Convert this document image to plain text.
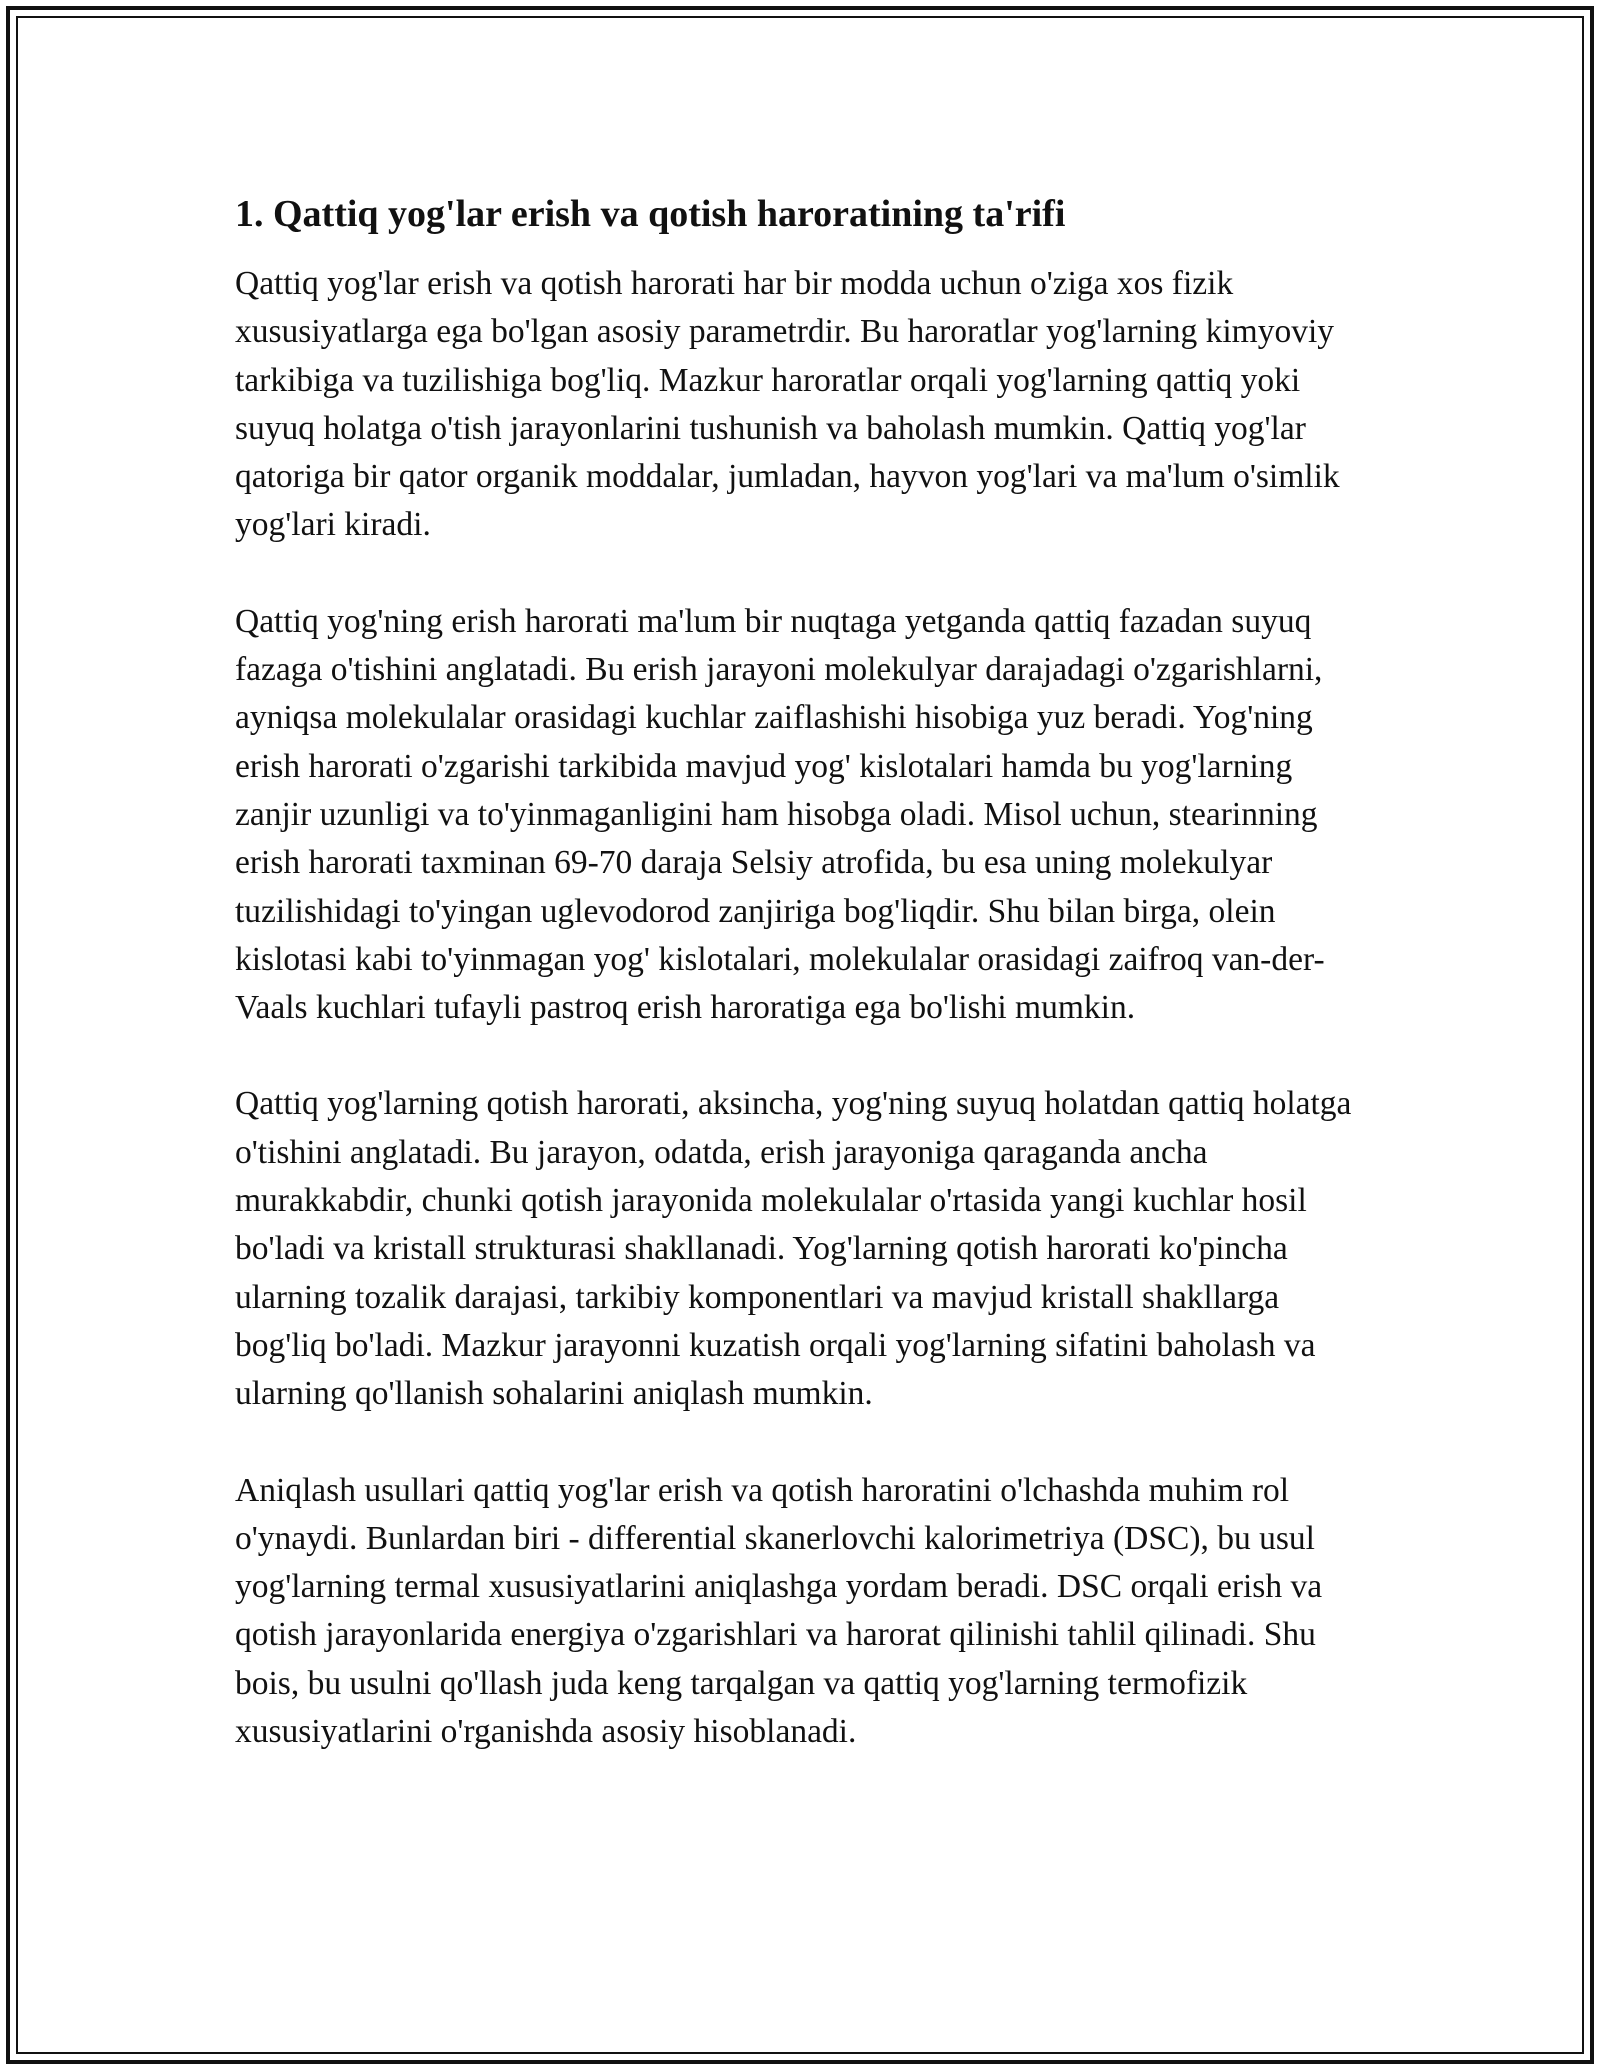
1. Qattiq yog'lar erish va qotish haroratining ta'rifi

Qattiq yog'lar erish va qotish harorati har bir modda uchun o'ziga xos fizik xususiyatlarga ega bo'lgan asosiy parametrdir. Bu haroratlar yog'larning kimyoviy tarkibiga va tuzilishiga bog'liq. Mazkur haroratlar orqali yog'larning qattiq yoki suyuq holatga o'tish jarayonlarini tushunish va baholash mumkin. Qattiq yog'lar qatoriga bir qator organik moddalar, jumladan, hayvon yog'lari va ma'lum o'simlik yog'lari kiradi.

Qattiq yog'ning erish harorati ma'lum bir nuqtaga yetganda qattiq fazadan suyuq fazaga o'tishini anglatadi. Bu erish jarayoni molekulyar darajadagi o'zgarishlarni, ayniqsa molekulalar orasidagi kuchlar zaiflashishi hisobiga yuz beradi. Yog'ning erish harorati o'zgarishi tarkibida mavjud yog' kislotalari hamda bu yog'larning zanjir uzunligi va to'yinmaganligini ham hisobga oladi. Misol uchun, stearinning erish harorati taxminan 69-70 daraja Selsiy atrofida, bu esa uning molekulyar tuzilishidagi to'yingan uglevodorod zanjiriga bog'liqdir. Shu bilan birga, olein kislotasi kabi to'yinmagan yog' kislotalari, molekulalar orasidagi zaifroq van-der-Vaals kuchlari tufayli pastroq erish haroratiga ega bo'lishi mumkin.

Qattiq yog'larning qotish harorati, aksincha, yog'ning suyuq holatdan qattiq holatga o'tishini anglatadi. Bu jarayon, odatda, erish jarayoniga qaraganda ancha murakkabdir, chunki qotish jarayonida molekulalar o'rtasida yangi kuchlar hosil bo'ladi va kristall strukturasi shakllanadi. Yog'larning qotish harorati ko'pincha ularning tozalik darajasi, tarkibiy komponentlari va mavjud kristall shakllarga bog'liq bo'ladi. Mazkur jarayonni kuzatish orqali yog'larning sifatini baholash va ularning qo'llanish sohalarini aniqlash mumkin.

Aniqlash usullari qattiq yog'lar erish va qotish haroratini o'lchashda muhim rol o'ynaydi. Bunlardan biri - differential skanerlovchi kalorimetriya (DSC), bu usul yog'larning termal xususiyatlarini aniqlashga yordam beradi. DSC orqali erish va qotish jarayonlarida energiya o'zgarishlari va harorat qilinishi tahlil qilinadi. Shu bois, bu usulni qo'llash juda keng tarqalgan va qattiq yog'larning termofizik xususiyatlarini o'rganishda asosiy hisoblanadi.
